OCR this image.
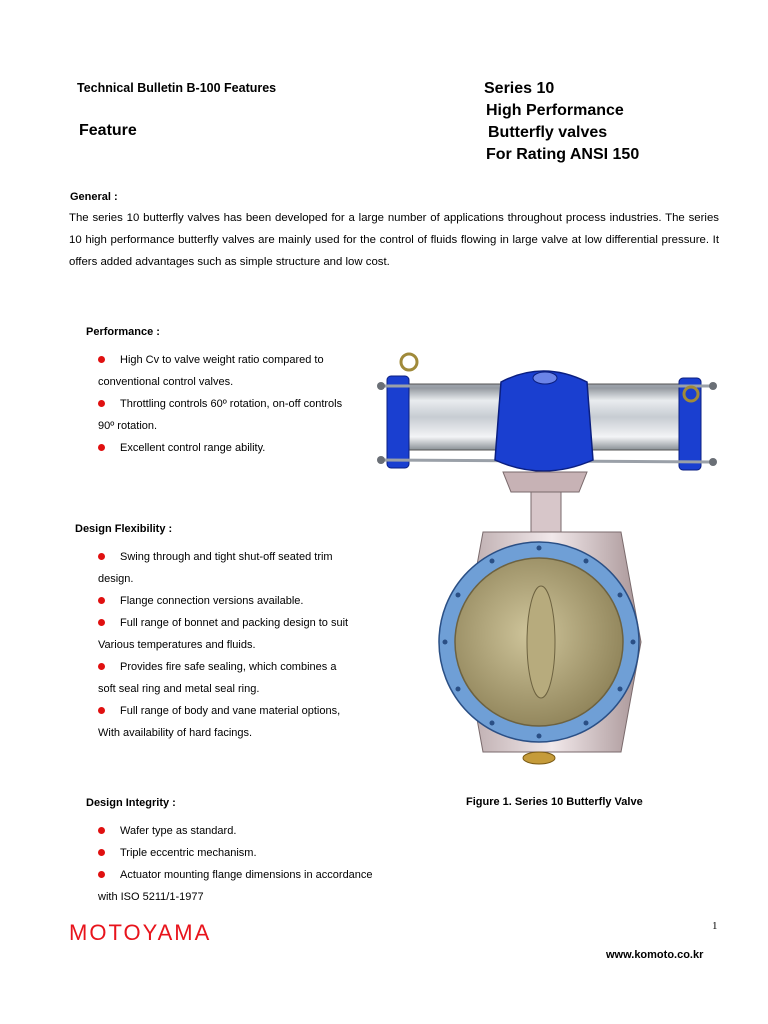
Technical Bulletin B-100 Features
Feature
Series 10
High Performance
Butterfly valves
For Rating ANSI 150
General :
The series 10 butterfly valves has been developed for a large number of applications throughout process industries. The series 10 high performance butterfly valves are mainly used for the control of fluids flowing in large valve at low differential pressure. It offers added advantages such as simple structure and low cost.
Performance :
High Cv to valve weight ratio compared to
conventional control valves.
Throttling controls 60º rotation, on-off controls
90º rotation.
Excellent control range ability.
Design Flexibility :
Swing through and tight shut-off seated trim
design.
Flange connection versions available.
Full range of bonnet and packing design to suit
Various temperatures and fluids.
Provides fire safe sealing, which combines a
soft seal ring and metal seal ring.
Full range of body and vane material options,
With availability of hard facings.
Design Integrity :
Wafer type as standard.
Triple eccentric mechanism.
Actuator mounting flange dimensions in accordance
with ISO 5211/1-1977
Figure 1. Series 10 Butterfly Valve
MOTOYAMA	1
www.komoto.co.kr
